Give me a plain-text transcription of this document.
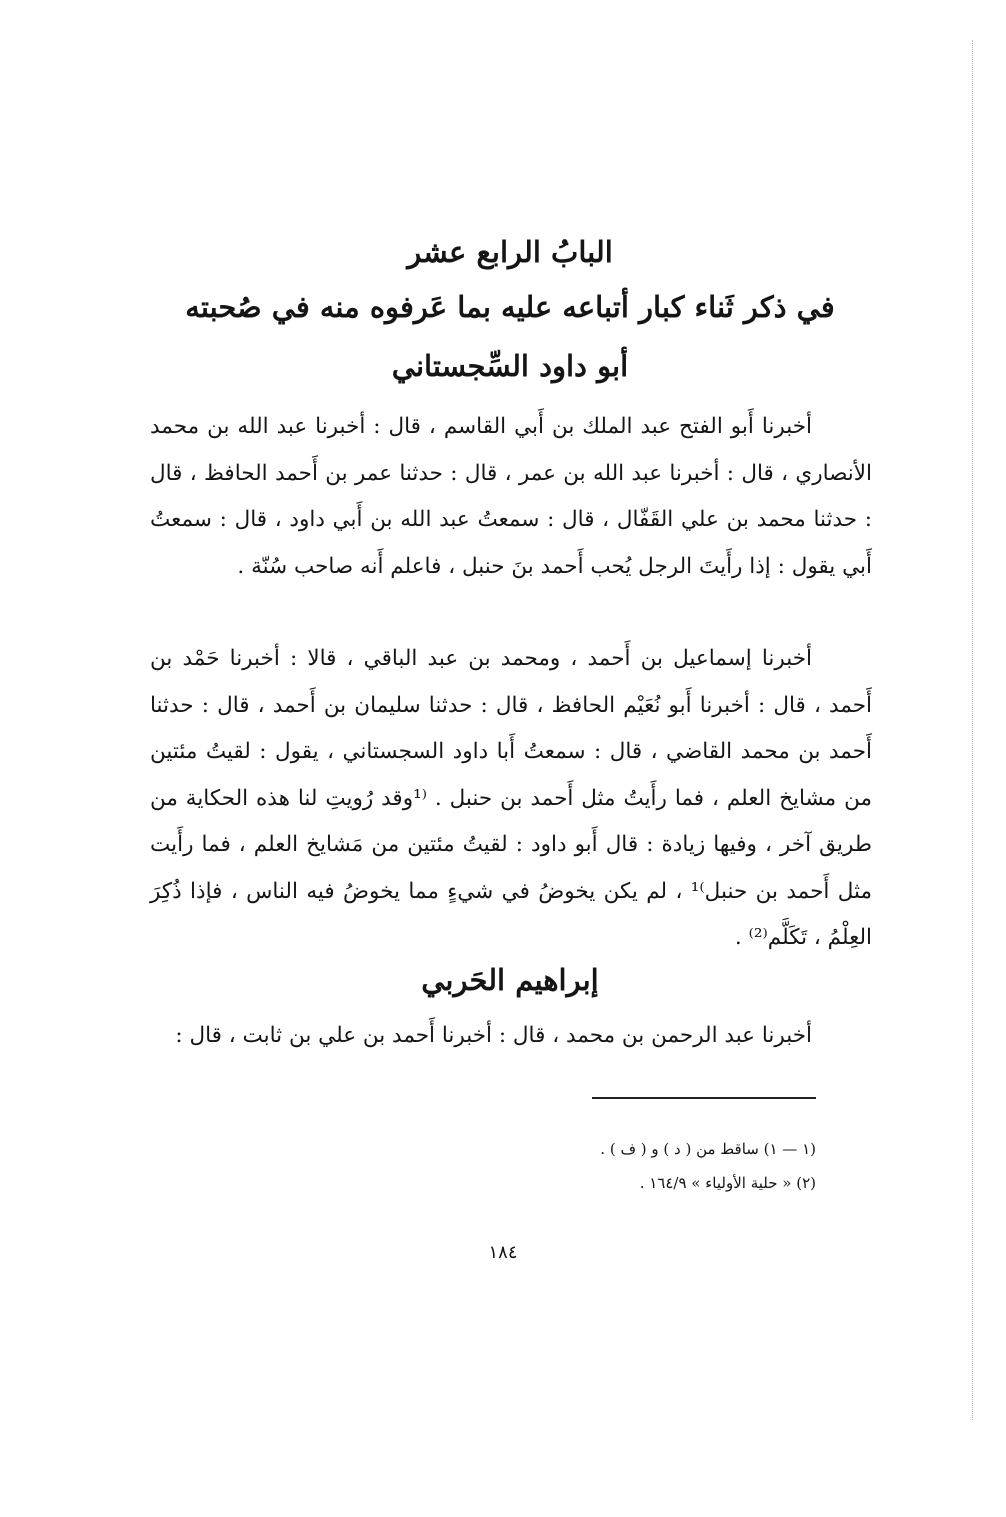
البابُ الرابع عشر

في ذكر ثَناء كبار أتباعه عليه بما عَرفوه منه في صُحبته

أبو داود السِّجستاني

أخبرنا أَبو الفتح عبد الملك بن أَبي القاسم ، قال : أخبرنا عبد الله بن محمد الأنصاري ، قال : أخبرنا عبد الله بن عمر ، قال : حدثنا عمر بن أَحمد الحافظ ، قال : حدثنا محمد بن علي القَفّال ، قال : سمعتُ عبد الله بن أَبي داود ، قال : سمعتُ أَبي يقول : إذا رأَيتَ الرجل يُحب أَحمد بنَ حنبل ، فاعلم أَنه صاحب سُنّة .

أخبرنا إسماعيل بن أَحمد ، ومحمد بن عبد الباقي ، قالا : أخبرنا حَمْد بن أَحمد ، قال : أخبرنا أَبو نُعَيْم الحافظ ، قال : حدثنا سليمان بن أَحمد ، قال : حدثنا أَحمد بن محمد القاضي ، قال : سمعتُ أَبا داود السجستاني ، يقول : لقيتُ مئتين من مشايخ العلم ، فما رأَيتُ مثل أَحمد بن حنبل . ⁽¹وقد رُويتِ لنا هذه الحكاية من طريق آخر ، وفيها زيادة : قال أَبو داود : لقيتُ مئتين من مَشايخ العلم ، فما رأَيت مثل أَحمد بن حنبل⁾¹ ، لم يكن يخوضُ في شيءٍ مما يخوضُ فيه الناس ، فإذا ذُكِرَ العِلْمُ ، تَكَلَّم⁽²⁾ .

إبراهيم الحَربي

أخبرنا عبد الرحمن بن محمد ، قال : أخبرنا أَحمد بن علي بن ثابت ، قال :

(١ — ١) ساقط من ( د ) و ( ف ) .
(٢) « حلية الأولياء » ١٦٤/٩ .
١٨٤
